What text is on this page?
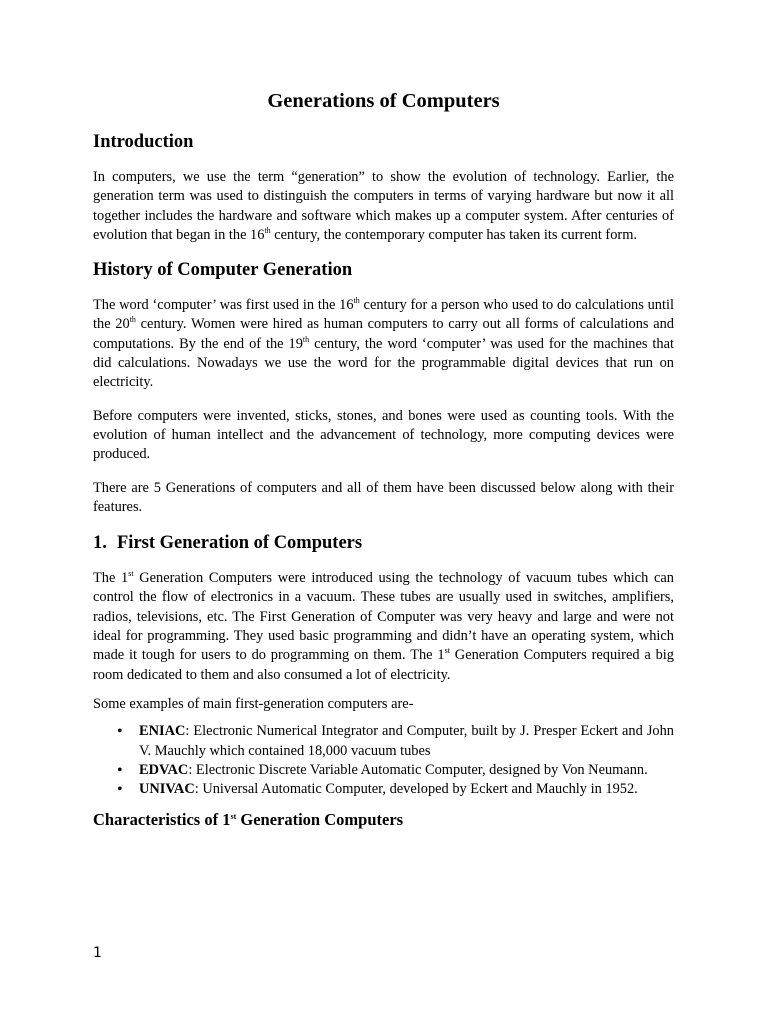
Generations of Computers
Introduction

In computers, we use the term “generation” to show the evolution of technology. Earlier, the generation term was used to distinguish the computers in terms of varying hardware but now it all together includes the hardware and software which makes up a computer system. After centuries of evolution that began in the 16th century, the contemporary computer has taken its current form.

History of Computer Generation

The word ‘computer’ was first used in the 16th century for a person who used to do calculations until the 20th century. Women were hired as human computers to carry out all forms of calculations and computations. By the end of the 19th century, the word ‘computer’ was used for the machines that did calculations. Nowadays we use the word for the programmable digital devices that run on electricity.

Before computers were invented, sticks, stones, and bones were used as counting tools. With the evolution of human intellect and the advancement of technology, more computing devices were produced.

There are 5 Generations of computers and all of them have been discussed below along with their features.

1. First Generation of Computers

The 1st Generation Computers were introduced using the technology of vacuum tubes which can control the flow of electronics in a vacuum. These tubes are usually used in switches, amplifiers, radios, televisions, etc. The First Generation of Computer was very heavy and large and were not ideal for programming. They used basic programming and didn’t have an operating system, which made it tough for users to do programming on them. The 1st Generation Computers required a big room dedicated to them and also consumed a lot of electricity.

Some examples of main first-generation computers are-

• ENIAC: Electronic Numerical Integrator and Computer, built by J. Presper Eckert and John V. Mauchly which contained 18,000 vacuum tubes
• EDVAC: Electronic Discrete Variable Automatic Computer, designed by Von Neumann.
• UNIVAC: Universal Automatic Computer, developed by Eckert and Mauchly in 1952.
Characteristics of 1st Generation Computers
1
